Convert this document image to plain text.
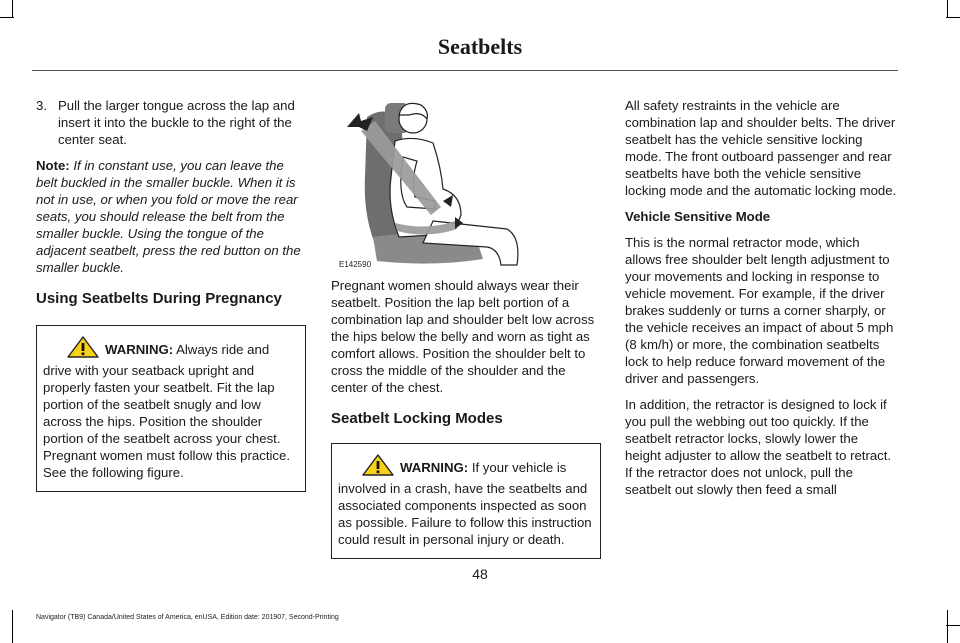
Seatbelts
3. Pull the larger tongue across the lap and insert it into the buckle to the right of the center seat.

Note: If in constant use, you can leave the belt buckled in the smaller buckle. When it is not in use, or when you fold or move the rear seats, you should release the belt from the smaller buckle. Using the tongue of the adjacent seatbelt, press the red button on the smaller buckle.

Using Seatbelts During Pregnancy
WARNING: Always ride and drive with your seatback upright and properly fasten your seatbelt. Fit the lap portion of the seatbelt snugly and low across the hips. Position the shoulder portion of the seatbelt across your chest. Pregnant women must follow this practice. See the following figure.
E142590

Pregnant women should always wear their seatbelt. Position the lap belt portion of a combination lap and shoulder belt low across the hips below the belly and worn as tight as comfort allows. Position the shoulder belt to cross the middle of the shoulder and the center of the chest.

Seatbelt Locking Modes
WARNING: If your vehicle is involved in a crash, have the seatbelts and associated components inspected as soon as possible. Failure to follow this instruction could result in personal injury or death.

All safety restraints in the vehicle are combination lap and shoulder belts. The driver seatbelt has the vehicle sensitive locking mode. The front outboard passenger and rear seatbelts have both the vehicle sensitive locking mode and the automatic locking mode.

Vehicle Sensitive Mode

This is the normal retractor mode, which allows free shoulder belt length adjustment to your movements and locking in response to vehicle movement. For example, if the driver brakes suddenly or turns a corner sharply, or the vehicle receives an impact of about 5 mph (8 km/h) or more, the combination seatbelts lock to help reduce forward movement of the driver and passengers.

In addition, the retractor is designed to lock if you pull the webbing out too quickly. If the seatbelt retractor locks, slowly lower the height adjuster to allow the seatbelt to retract. If the retractor does not unlock, pull the seatbelt out slowly then feed a small

48
Navigator (TB9) Canada/United States of America, enUSA, Edition date: 201907, Second-Printing
